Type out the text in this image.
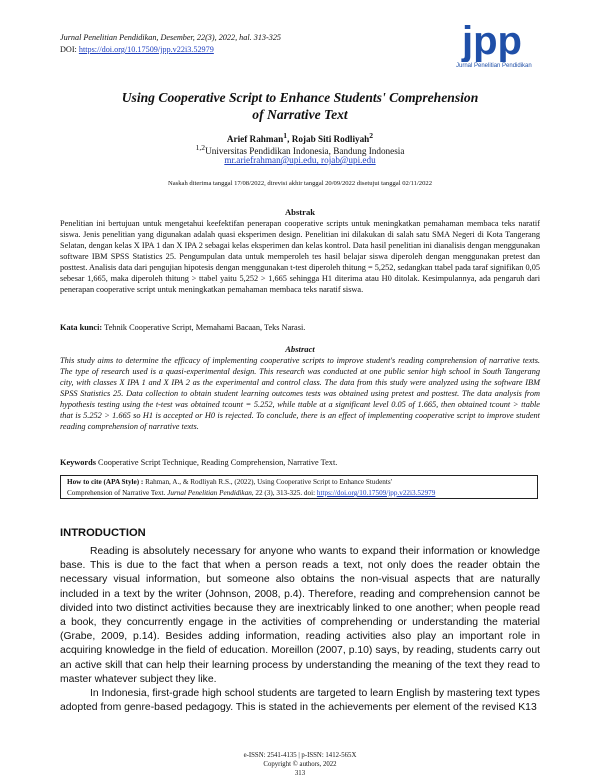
Jurnal Penelitian Pendidikan, Desember, 22(3), 2022, hal. 313-325
DOI: https://doi.org/10.17509/jpp.v22i3.52979	jpp
Jurnal Penelitian Pendidikan
Using Cooperative Script to Enhance Students' Comprehension
of Narrative Text
Arief Rahman$^1$, Rojab Siti Rodliyah$^2$
$^{1,2}$Universitas Pendidikan Indonesia, Bandung Indonesia
mr.ariefrahman@upi.edu, rojab@upi.edu
Naskah diterima tanggal 17/08/2022, direvisi akhir tanggal 20/09/2022 disetujui tanggal 02/11/2022
Abstrak
Penelitian ini bertujuan untuk mengetahui keefektifan penerapan cooperative scripts untuk meningkatkan pemahaman membaca teks naratif siswa. Jenis penelitian yang digunakan adalah quasi eksperimen design. Penelitian ini dilakukan di salah satu SMA Negeri di Kota Tangerang Selatan, dengan kelas X IPA 1 dan X IPA 2 sebagai kelas eksperimen dan kelas kontrol. Data hasil penelitian ini dianalisis dengan menggunakan software IBM SPSS Statistics 25. Pengumpulan data untuk memperoleh tes hasil belajar siswa diperoleh dengan menggunakan pretest dan posttest. Analisis data dari pengujian hipotesis dengan menggunakan t-test diperoleh thitung = 5,252, sedangkan ttabel pada taraf signifikan 0,05 sebesar 1,665, maka diperoleh thitung > ttabel yaitu 5,252 > 1,665 sehingga H1 diterima atau H0 ditolak. Kesimpulannya, ada pengaruh dari penerapan cooperative script untuk meningkatkan pemahaman membaca teks naratif siswa.
Kata kunci: Tehnik Cooperative Script, Memahami Bacaan, Teks Narasi.
Abstract
This study aims to determine the efficacy of implementing cooperative scripts to improve student's reading comprehension of narrative texts. The type of research used is a quasi-experimental design. This research was conducted at one public senior high school in South Tangerang city, with classes X IPA 1 and X IPA 2 as the experimental and control class. The data from this study were analyzed using the software IBM SPSS Statistics 25. Data collection to obtain student learning outcomes tests was obtained using pretest and posttest. The data analysis from hypothesis testing using the t-test was obtained tcount = 5.252, while ttable at a significant level 0.05 of 1.665, then obtained tcount > ttable that is 5.252 > 1.665 so H1 is accepted or H0 is rejected. To conclude, there is an effect of implementing cooperative script to improve student reading comprehension of narrative texts.
Keywords Cooperative Script Technique, Reading Comprehension, Narrative Text.
How to cite (APA Style) : Rahman, A., & Rodliyah R.S., (2022), Using Cooperative Script to Enhance Students'
Comprehension of Narrative Text. Jurnal Penelitian Pendidikan, 22 (3), 313-325. doi: https://doi.org/10.17509/jpp.v22i3.52979
INTRODUCTION

Reading is absolutely necessary for anyone who wants to expand their information or knowledge base. This is due to the fact that when a person reads a text, not only does the reader obtain the necessary visual information, but someone also obtains the non-visual aspects that are naturally included in a text by the writer (Johnson, 2008, p.4). Therefore, reading and comprehension cannot be divided into two distinct activities because they are inextricably linked to one another; when people read a book, they concurrently engage in the activities of comprehending or understanding the material (Grabe, 2009, p.14). Besides adding information, reading activities also play an important role in acquiring knowledge in the field of education. Moreillon (2007, p.10) says, by reading, students carry out an active skill that can help their learning process by understanding the meaning of the text they read to master whatever subject they like.

In Indonesia, first-grade high school students are targeted to learn English by mastering text types adopted from genre-based pedagogy. This is stated in the achievements per element of the revised K13

e-ISSN: 2541-4135 | p-ISSN: 1412-565X
Copyright © authors, 2022
313
